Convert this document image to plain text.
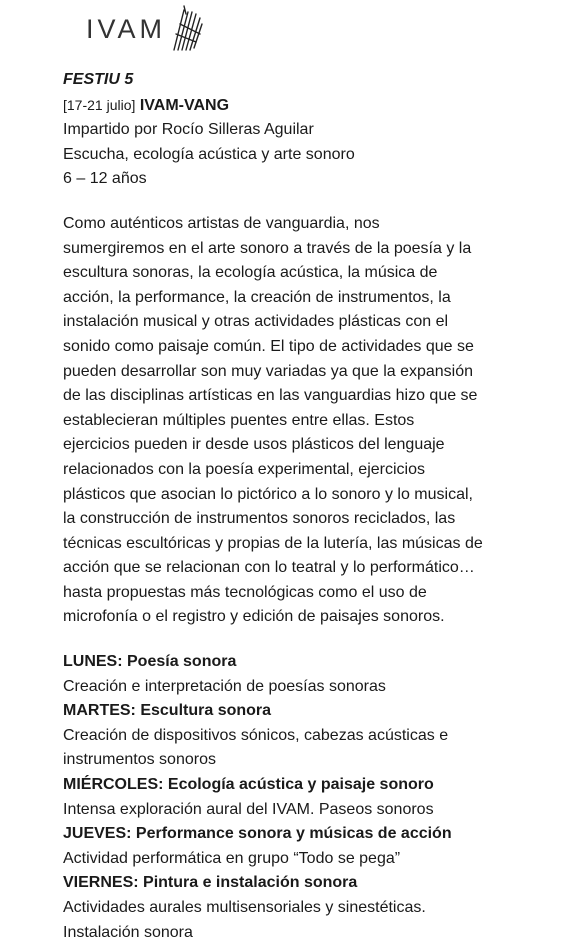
IVAM
FESTIU 5
[17-21 julio] IVAM-VANG
Impartido por Rocío Silleras Aguilar
Escucha, ecología acústica y arte sonoro
6 – 12 años
Como auténticos artistas de vanguardia, nos
sumergiremos en el arte sonoro a través de la poesía y la
escultura sonoras, la ecología acústica, la música de
acción, la performance, la creación de instrumentos, la
instalación musical y otras actividades plásticas con el
sonido como paisaje común. El tipo de actividades que se
pueden desarrollar son muy variadas ya que la expansión
de las disciplinas artísticas en las vanguardias hizo que se
establecieran múltiples puentes entre ellas. Estos
ejercicios pueden ir desde usos plásticos del lenguaje
relacionados con la poesía experimental, ejercicios
plásticos que asocian lo pictórico a lo sonoro y lo musical,
la construcción de instrumentos sonoros reciclados, las
técnicas escultóricas y propias de la lutería, las músicas de
acción que se relacionan con lo teatral y lo performático…
hasta propuestas más tecnológicas como el uso de
microfonía o el registro y edición de paisajes sonoros.
LUNES: Poesía sonora
Creación e interpretación de poesías sonoras
MARTES: Escultura sonora
Creación de dispositivos sónicos, cabezas acústicas e
instrumentos sonoros
MIÉRCOLES: Ecología acústica y paisaje sonoro
Intensa exploración aural del IVAM. Paseos sonoros
JUEVES: Performance sonora y músicas de acción
Actividad performática en grupo “Todo se pega”
VIERNES: Pintura e instalación sonora
Actividades aurales multisensoriales y sinestéticas.
Instalación sonora
